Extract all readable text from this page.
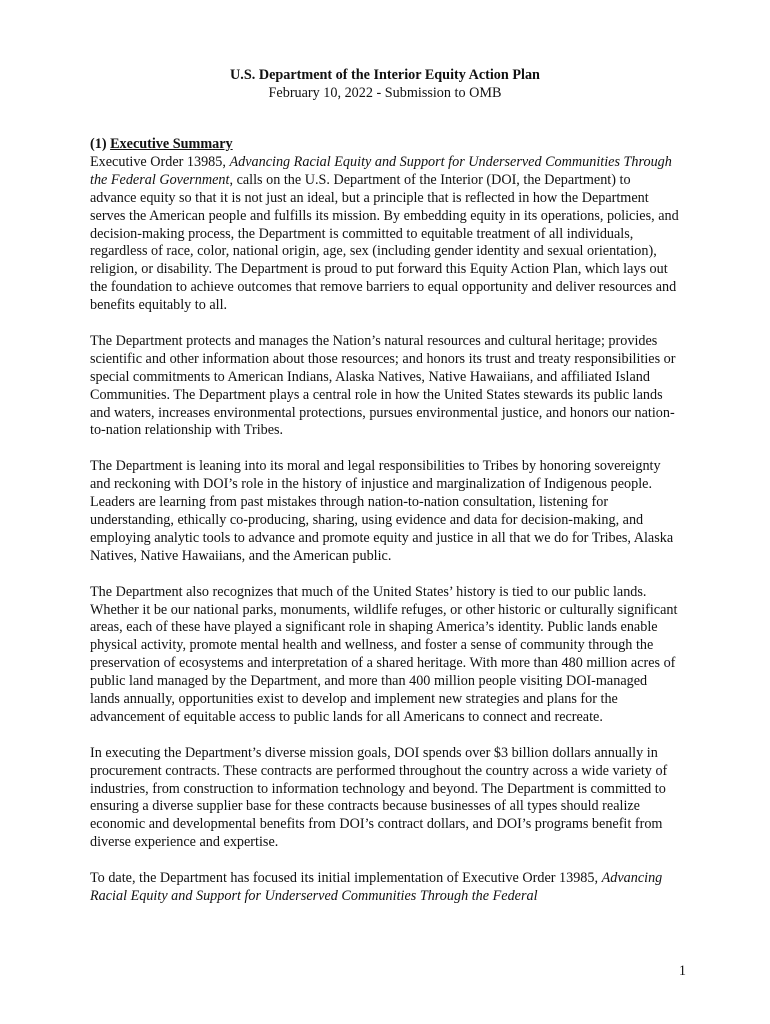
U.S. Department of the Interior Equity Action Plan
February 10, 2022 - Submission to OMB
(1) Executive Summary

Executive Order 13985, Advancing Racial Equity and Support for Underserved Communities Through the Federal Government, calls on the U.S. Department of the Interior (DOI, the Department) to advance equity so that it is not just an ideal, but a principle that is reflected in how the Department serves the American people and fulfills its mission. By embedding equity in its operations, policies, and decision-making process, the Department is committed to equitable treatment of all individuals, regardless of race, color, national origin, age, sex (including gender identity and sexual orientation), religion, or disability. The Department is proud to put forward this Equity Action Plan, which lays out the foundation to achieve outcomes that remove barriers to equal opportunity and deliver resources and benefits equitably to all.

The Department protects and manages the Nation’s natural resources and cultural heritage; provides scientific and other information about those resources; and honors its trust and treaty responsibilities or special commitments to American Indians, Alaska Natives, Native Hawaiians, and affiliated Island Communities. The Department plays a central role in how the United States stewards its public lands and waters, increases environmental protections, pursues environmental justice, and honors our nation-to-nation relationship with Tribes.

The Department is leaning into its moral and legal responsibilities to Tribes by honoring sovereignty and reckoning with DOI’s role in the history of injustice and marginalization of Indigenous people. Leaders are learning from past mistakes through nation-to-nation consultation, listening for understanding, ethically co-producing, sharing, using evidence and data for decision-making, and employing analytic tools to advance and promote equity and justice in all that we do for Tribes, Alaska Natives, Native Hawaiians, and the American public.

The Department also recognizes that much of the United States’ history is tied to our public lands. Whether it be our national parks, monuments, wildlife refuges, or other historic or culturally significant areas, each of these have played a significant role in shaping America’s identity. Public lands enable physical activity, promote mental health and wellness, and foster a sense of community through the preservation of ecosystems and interpretation of a shared heritage. With more than 480 million acres of public land managed by the Department, and more than 400 million people visiting DOI-managed lands annually, opportunities exist to develop and implement new strategies and plans for the advancement of equitable access to public lands for all Americans to connect and recreate.

In executing the Department’s diverse mission goals, DOI spends over $3 billion dollars annually in procurement contracts. These contracts are performed throughout the country across a wide variety of industries, from construction to information technology and beyond. The Department is committed to ensuring a diverse supplier base for these contracts because businesses of all types should realize economic and developmental benefits from DOI’s contract dollars, and DOI’s programs benefit from diverse experience and expertise.

To date, the Department has focused its initial implementation of Executive Order 13985, Advancing Racial Equity and Support for Underserved Communities Through the Federal

1
